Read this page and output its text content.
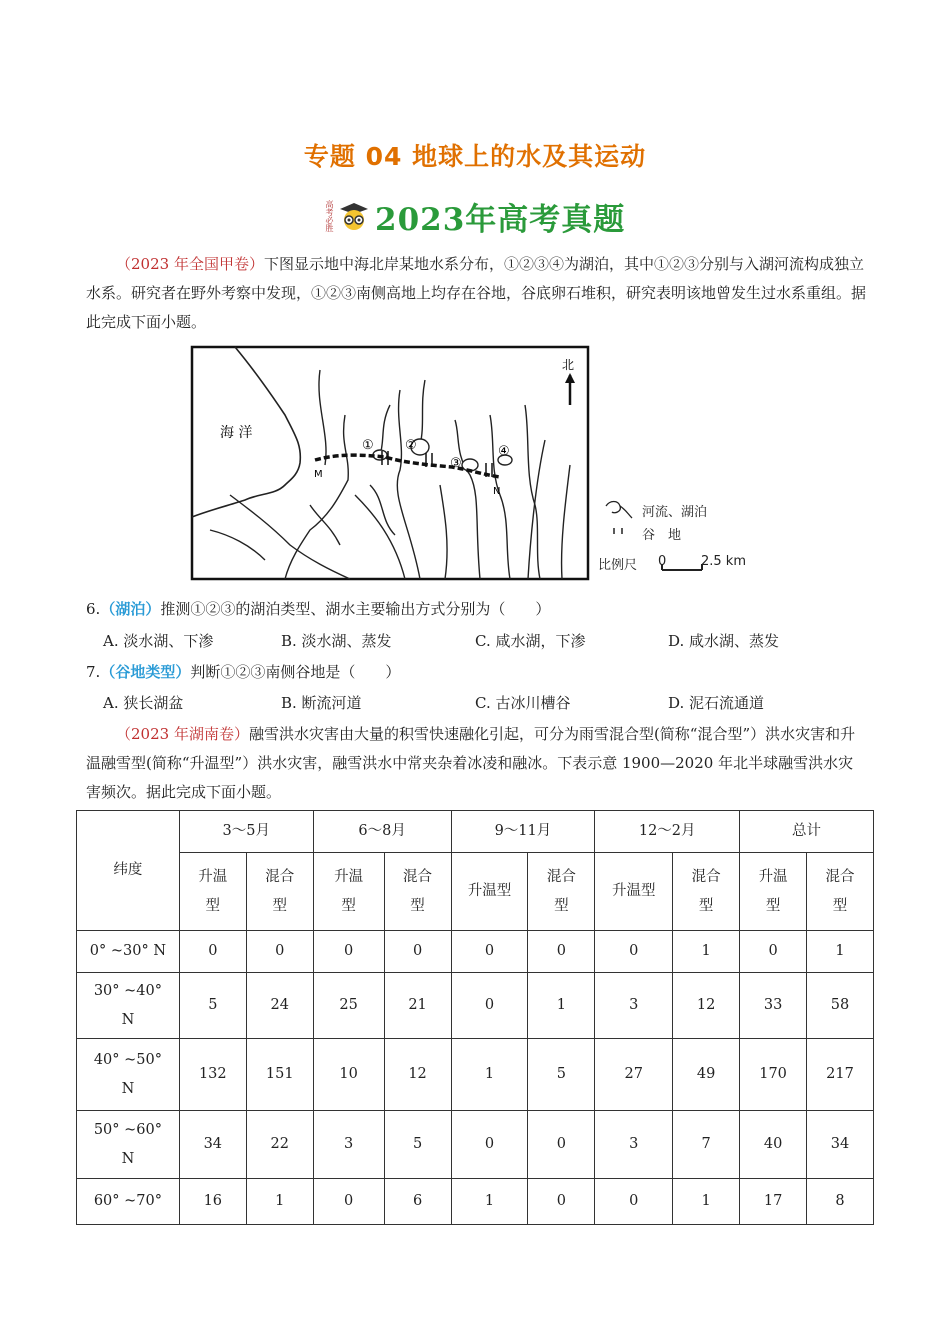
专题 04 地球上的水及其运动
高考必胜 2023年高考真题
（2023 年全国甲卷）下图显示地中海北岸某地水系分布，①②③④为湖泊，其中①②③分别与入湖河流构成独立水系。研究者在野外考察中发现，①②③南侧高地上均存在谷地，谷底卵石堆积，研究表明该地曾发生过水系重组。据此完成下面小题。
海 洋
M
N
① ②
③
④
北
河流、湖泊
谷　地
比例尺 0	2.5 km
6.（湖泊）推测①②③的湖泊类型、湖水主要输出方式分别为（　　）
A. 淡水湖、下渗	B. 淡水湖、蒸发	C. 咸水湖，下渗	D. 咸水湖、蒸发
7.（谷地类型）判断①②③南侧谷地是（　　）
A. 狭长湖盆	B. 断流河道	C. 古冰川槽谷	D. 泥石流通道
（2023 年湖南卷）融雪洪水灾害由大量的积雪快速融化引起，可分为雨雪混合型(简称“混合型”）洪水灾害和升温融雪型(简称“升温型”）洪水灾害，融雪洪水中常夹杂着冰凌和融冰。下表示意 1900—2020 年北半球融雪洪水灾害频次。据此完成下面小题。
纬度	3～5月		6～8月		9～11月		12～2月		总计	
	升温型	混合型	升温型	混合型	升温型	混合型	升温型	混合型	升温型	混合型
0° ~30° N	0	0	0	0	0	0	0	1	0	1
30° ~40° N	5	24	25	21	0	1	3	12	33	58
40° ~50° N	132	151	10	12	1	5	27	49	170	217
50° ~60° N	34	22	3	5	0	0	3	7	40	34
60° ~70°	16	1	0	6	1	0	0	1	17	8
